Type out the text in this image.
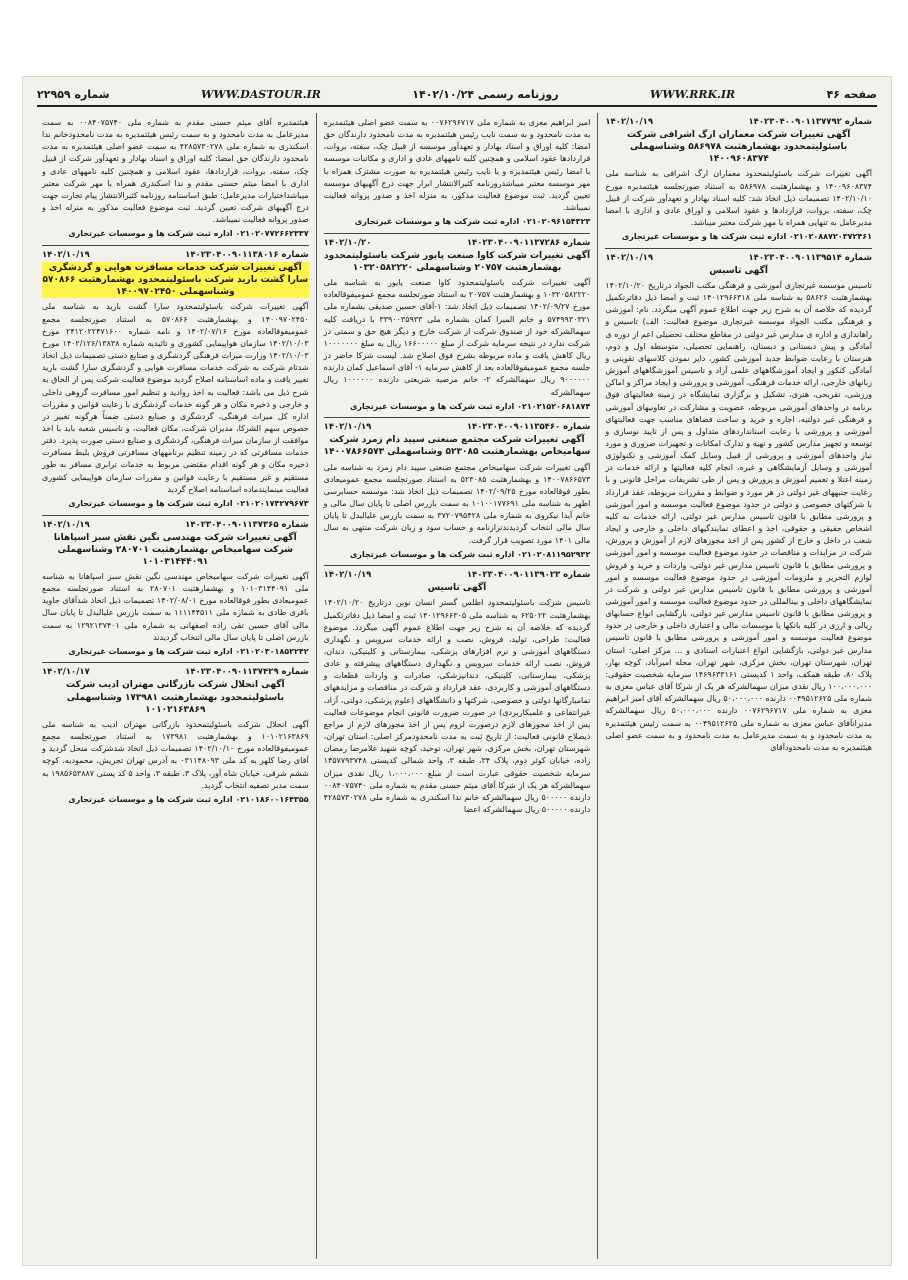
صفحه ۴۶
WWW.RRK.IR
روزنامه رسمی ۱۴۰۲/۱۰/۲۴
WWW.DASTOUR.IR
شماره ۲۲۹۵۹
شماره ۱۴۰۲۳۰۴۰۰۹۰۱۱۳۷۷۹۲
۱۴۰۲/۱۰/۱۹
آگهی تغییرات شرکت معماران ارگ اشرافی شرکت باسئولیتمحدود بهشمارهثبت ۵۸۶۹۷۸ وشناسهملی ۱۴۰۰۹۶۰۸۳۷۴
آگهی تغییرات شرکت باسئولیتمحدود معماران ارگ اشرافی به شناسه ملی ۱۴۰۰۹۶۰۸۳۷۴ و بهشمارهثبت ۵۸۶۹۷۸ به استناد صورتجلسه هیئتمدیره مورخ ۱۴۰۲/۱۰/۱۰ تصمیمات ذیل اتخاذ شد: کلیه اسناد بهادار و تعهدآور شرکت از قبیل چک، سفته، بروات، قراردادها و عقود اسلامی و اوراق عادی و اداری با امضا مدیرعامل به تنهایی همراه با مهر شرکت معتبر میباشد.
۰۲۱۰۲۰۸۸۷۲۰۳۷۲۴۶۱ اداره ثبت شرکت ها و موسسات غیرتجاری
شماره ۱۴۰۲۳۰۴۰۰۹۰۱۱۳۹۵۱۴
۱۴۰۲/۱۰/۱۹
آگهی تاسیس
تاسیس موسسه غیرتجاری آموزشی و فرهنگی مکتب الجواد درتاریخ ۱۴۰۲/۱۰/۲۰ بهشمارهثبت ۵۸۶۲۶ به شناسه ملی ۱۴۰۱۲۹۶۶۳۱۸ ثبت و امضا ذیل دفاترتکمیل گردیده که خلاصه آن به شرح زیر جهت اطلاع عموم آگهی میگردد. نام: آموزشی و فرهنگی مکتب الجواد موسسه غیرتجاری موضوع فعالیت: الف) تاسیس و راهاندازی و اداره ی مدارس غیر دولتی در مقاطع مختلف تحصیلی اعم از دوره ی آمادگی و پیش دبستانی و دبستان، راهنمایی تحصیلی، متوسطه اول و دوم، هنرستان با رعایت ضوابط جدید آموزشی کشور، دایر نمودن کلاسهای تقویتی و آمادگی کنکور و ایجاد آموزشگاههای علمی آزاد و تاسیس آموزشگاههای آموزش زبانهای خارجی، ارائه خدمات فرهنگی، آموزشی و پرورشی و ایجاد مراکز و اماکن ورزشی، تفریحی، هنری، تشکیل و برگزاری نمایشگاه در زمینه فعالیتهای فوق برنامه در واحدهای آموزشی مربوطه، عضویت و مشارکت در تعاونیهای آموزشی و فرهنگی غیر دولتیه، اجاره و خرید و ساخت فضاهای مناسب جهت فعالیتهای آموزشی و پرورشی با رعایت استانداردهای متداول و پس از تایید نوسازی و توسعه و تجهیز مدارس کشور و تهیه و تدارک امکانات و تجهیزات ضروری و مورد نیاز واحدهای آموزشی و پرورشی از قبیل وسایل کمک آموزشی و تکنولوژی آموزشی و وسایل آزمایشگاهی و غیره، انجام کلیه فعالیتها و ارائه خدمات در زمینه اعتلا و تعمیم آموزش و پرورش و پس از طی تشریفات مراحل قانونی و با رعایت جنبههای غیر دولتی در هر مورد و ضوابط و مقررات مربوطه، عقد قرارداد با شرکتهای خصوصی و دولتی در حدود موضوع فعالیت موسسه و امور آموزشی و پرورشی مطابق با قانون تاسیس مدارس غیر دولتی، ارائه خدمات به کلیه اشخاص حقیقی و حقوقی، اخذ و اعطای نمایندگیهای داخلی و خارجی و ایجاد شعب در داخل و خارج از کشور پس از اخذ مجوزهای لازم از آموزش و پرورش، شرکت در مزایدات و مناقصات در حدود موضوع فعالیت موسسه و امور آموزشی و پرورشی مطابق با قانون تاسیس مدارس غیر دولتی، واردات و خرید و فروش لوازم التحریر و ملزومات آموزشی در حدود موضوع فعالیت موسسه و امور آموزشی و پرورشی مطابق با قانون تاسیس مدارس غیر دولتی و شرکت در نمایشگاههای داخلی و بینالمللی در حدود موضوع فعالیت موسسه و امور آموزشی و پرورشی مطابق با قانون تاسیس مدارس غیر دولتی، بازگشایی انواع حسابهای ریالی و ارزی در کلیه بانکها یا موسسات مالی و اعتباری داخلی و خارجی در حدود موضوع فعالیت موسسه و امور آموزشی و پرورشی مطابق با قانون تاسیس مدارس غیر دولتی، بازگشایی انواع اعتبارات اسنادی و ... مرکز اصلی: استان تهران، شهرستان تهران، بخش مرکزی، شهر تهران، محله امیرآباد، کوچه بهار، پلاک ۸۰، طبقه همکف، واحد ۱ کدپستی ۱۴۶۹۶۳۳۱۶۱ سرمایه شخصیت حقوقی: ۱۰۰،۰۰۰،۰۰۰ ریال نقدی میزان سهمالشرکه هر یک از شرکا آقای عباس معزی به شماره ملی ۰۰۴۹۵۱۲۶۲۵ دارنده ۵۰،۰۰۰،۰۰۰ ریال سهمالشرکه آقای امیر ابراهیم معزی به شماره ملی ۰۰۷۶۲۹۶۷۱۷ دارنده ۵۰،۰۰۰،۰۰۰ ریال سهمالشرکه مدیرانآقای عباس معزی به شماره ملی ۰۰۴۹۵۱۲۶۲۵ به سمت رئیس هیئتمدیره به مدت نامحدود و به سمت مدیرعامل به مدت نامحدود و به سمت عضو اصلی هیئتمدیره به مدت نامحدودآقای
امیر ابراهیم معزی به شماره ملی ۰۰۷۶۲۹۶۷۱۷ به سمت عضو اصلی هیئتمدیره به مدت نامحدود و به سمت نایب رئیس هیئتمدیره به مدت نامحدود دارندگان حق امضا: کلیه اوراق و اسناد بهادار و تعهدآور موسسه از قبیل چک، سفته، بروات، قراردادها عقود اسلامی و همچنین کلیه نامههای عادی و اداری و مکاتبات موسسه با امضا رئیس هیئتمدیره و یا نایب رئیس هیئتمدیره به صورت مشترک همراه با مهر موسسه معتبر میباشدروزنامه کثیرالانتشار ابرار جهت درج آگهیهای موسسه تعیین گردید. ثبت موضوع فعالیت مذکور، به منزله اخذ و صدور پروانه فعالیت نمیباشد.
۰۲۱۰۲۰۹۶۱۵۴۳۲۳ اداره ثبت شرکت ها و موسسات غیرتجاری
شماره ۱۴۰۲۳۰۴۰۰۹۰۱۱۳۷۲۸۶
۱۴۰۲/۱۰/۲۰
آگهی تغییرات شرکت کاوا صنعت پایور شرکت باسئولیتمحدود بهشمارهثبت ۲۰۷۵۷ وشناسهملی ۱۰۳۲۰۵۸۲۲۲۰
آگهی تغییرات شرکت باسئولیتمحدود کاوا صنعت پایور به شناسه ملی ۱۰۳۲۰۵۸۲۲۲۰ و بهشمارهثبت ۲۰۷۵۷ به استناد صورتجلسه مجمع عمومیفوقالعاده مورخ ۱۴۰۲/۰۹/۲۷ تصمیمات ذیل اتخاذ شد: ۱-آقای حسین صدیقی بشماره ملی ۵۷۴۹۹۳۰۳۲۱ و خانم المیرا کمان بشماره ملی ۳۳۹۰۰۳۵۹۳۳ با دریافت کلیه سهمالشرکه خود از صندوق شرکت از شرکت خارج و دیگر هیچ حق و سمتی در شرکت ندارد در نتیجه سرمایه شرکت از مبلغ ۱۶۶۰۰۰۰۰ ریال به مبلغ ۱۰۰۰۰۰۰۰ ریال کاهش یافت و ماده مربوطه بشرح فوق اصلاح شد. لیست شرکا حاضر در جلسه مجمع عمومیفوقالعاده بعد از کاهش سرمایه ۱- آقای اسماعیل کمان دارنده ۹۰۰۰۰۰۰ ریال سهمالشرکه ۲- خانم مرضیه شریعتی دارنده ۱۰۰۰۰۰۰ ریال سهمالشرکه
۰۲۱۰۲۱۵۲۰۶۸۱۸۷۴ اداره ثبت شرکت ها و موسسات غیرتجاری
شماره ۱۴۰۲۳۰۴۰۰۹۰۱۱۳۵۴۶۰
۱۴۰۲/۱۰/۱۹
آگهی تغییرات شرکت مجتمع صنعتی سپید دام زمرد شرکت سهامیخاص بهشمارهثبت ۵۲۳۰۸۵ وشناسهملی ۱۴۰۰۷۸۶۶۵۷۳
آگهی تغییرات شرکت سهامیخاص مجتمع صنعتی سپید دام زمرد به شناسه ملی ۱۴۰۰۷۸۶۶۵۷۳ و بهشمارهثبت ۵۲۳۰۸۵ به استناد صورتجلسه مجمع عمومیعادی بطور فوقالعاده مورخ ۱۴۰۲/۰۹/۲۵ تصمیمات ذیل اتخاذ شد: موسسه حسابرسی اطهر به شناسه ملی ۱۰۱۰۰۱۷۷۶۹۱ به سمت بازرس اصلی تا پایان سال مالی و خانم آیدا نیکروی به شماره ملی ۳۷۲۰۷۹۵۴۲۸ به سمت بازرس علیالبدل تا پایان سال مالی انتخاب گردیدندترازنامه و حساب سود و زیان شرکت منتهی به سال مالی ۱۴۰۱ مورد تصویب قرار گرفت.
۰۲۱۰۲۰۸۱۱۹۵۲۹۳۲ اداره ثبت شرکت ها و موسسات غیرتجاری
شماره ۱۴۰۲۳۰۴۰۰۹۰۱۱۳۹۰۲۳
۱۴۰۲/۱۰/۱۹
آگهی تاسیس
تاسیس شرکت باسئولیتمحدود اطلس گستر انسان نوین درتاریخ ۱۴۰۲/۱۰/۲۰ بهشمارهثبت ۶۲۵۰۲۲ به شناسه ملی ۱۴۰۱۲۹۶۶۳۰۵ ثبت و امضا ذیل دفاترتکمیل گردیده که خلاصه آن به شرح زیر جهت اطلاع عموم آگهی میگردد. موضوع فعالیت: طراحی، تولید، فروش، نصب و ارائه خدمات سرویس و نگهداری دستگاههای آموزشی و نرم افزارهای پزشکی، بیمارستانی و کلینیکی، دندان، فروش، نصب ارائه خدمات سرویس و نگهداری دستگاههای پیشرفته و عادی پزشکی، بیمارستانی، کلینیکی، دندانپزشکی، صادرات و واردات قطعات و دستگاههای آموزشی و کاربردی، عقد قرارداد و شرکت در مناقصات و مزایدههای تمامیارگانها دولتی و خصوصی، شرکتها و دانشگاههای (علوم پزشکی، دولتی، آزاد، غیرانتفاعی و علمیکاربردی) در صورت ضرورت قانونی انجام موضوعات فعالیت پس از اخذ مجوزهای لازم درصورت لزوم پس از اخذ مجوزهای لازم از مراجع ذیصلاح قانونی فعالیت: از تاریخ ثبت به مدت نامحدودمرکز اصلی: استان تهران، شهرستان تهران، بخش مرکزی، شهر تهران، توحید، کوچه شهید غلامرضا رمضان زاده، خیابان کوثر دوم، پلاک ۳۴، طبقه ۳، واحد شمالی کدپستی ۱۴۵۷۷۹۳۷۴۸ سرمایه شخصیت حقوقی عبارت است از مبلغ ۱،۰۰۰،۰۰۰ ریال نقدی میزان سهمالشرکه هر یک از شرکا آقای میثم حسنی مقدم به شماره ملی ۰۰۸۴۰۷۵۷۴۰ دارنده ۵۰۰۰۰۰ ریال سهمالشرکه خانم ندا اسکندری به شماره ملی ۴۲۸۵۷۳۰۲۷۸ دارنده ۵۰۰۰۰۰ ریال سهمالشرکه اعضا
هیئتمدیره آقای میثم حسنی مقدم به شماره ملی ۰۰۸۴۰۷۵۷۴۰ به سمت مدیرعامل به مدت نامحدود و به سمت رئیس هیئتمدیره به مدت نامحدودخانم ندا اسکندری به شماره ملی ۴۲۸۵۷۳۰۲۷۸ به سمت عضو اصلی هیئتمدیره به مدت نامحدود دارندگان حق امضا: کلیه اوراق و اسناد بهادار و تعهدآور شرکت از قبیل چک، سفته، بروات، قراردادها، عقود اسلامی و همچنین کلیه نامههای عادی و اداری با امضا میثم حسنی مقدم و ندا اسکندری همراه با مهر شرکت معتبر میباشداختیارات مدیرعامل: طبق اساسنامه روزنامه کثیرالانتشار پیام تجارت جهت درج آگهیهای شرکت تعیین گردید. ثبت موضوع فعالیت مذکور به منزله اخذ و صدور پروانه فعالیت نمیباشد.
۰۲۱۰۲۰۷۷۲۶۶۲۳۳۷ اداره ثبت شرکت ها و موسسات غیرتجاری
شماره ۱۴۰۲۳۰۴۰۰۹۰۱۱۳۸۰۱۶
۱۴۰۲/۱۰/۱۹
آگهی تغییرات شرکت خدمات مسافرت هوایی و گردشگری سارا گشت بارید شرکت باسئولیتمحدود بهشمارهثبت ۵۷۰۸۶۶ وشناسهملی ۱۴۰۰۹۷۰۲۴۵۰
آگهی تغییرات شرکت باسئولیتمحدود سارا گشت بارید به شناسه ملی ۱۴۰۰۹۷۰۲۴۵۰ و بهشمارهثبت ۵۷۰۸۶۶ به استناد صورتجلسه مجمع عمومیفوقالعاده مورخ ۱۴۰۲/۰۷/۱۶ و نامه شماره ۲۴۱۲۰۲۲۴۷۱۶۰۰ مورخ ۱۴۰۲/۱۰/۰۳ سازمان هواپیمایی کشوری و تائیدیه شماره ۱۴۰۲/۱۲۶/۱۳۸۳۸ مورخ ۱۴۰۲/۱۰/۰۳ وزارت میراث فرهنگی گردشگری و صنایع دستی تصمیمات ذیل اتخاذ شدتام شرکت به شرکت خدمات مسافرت هوایی و گردشگری سارا گشت بارید تغییر یافت و ماده اساسنامه اصلاح گردید موضوع فعالیت شرکت پس از الحاق به شرح ذیل می باشد: فعالیت به اخذ روادید و تنظیم امور مسافرت گروهی داخلی و خارجی و ذخیره مکان و هر گونه خدمات گردشگری با رعایت قوانین و مقررات اداره کل میراث فرهنگی، گردشگری و صنایع دستی ضمناً هرگونه تغییر در خصوص سهم الشرکا، مدیران شرکت، مکان فعالیت، و تاسیس شعبه باید با اخذ موافقت از سازمان میراث فرهنگی، گردشگری و صنایع دستی صورت پذیرد. دفتر خدمات مسافرتی که در زمینه تنظیم برنامههای مسافرتی فروش بلیط مسافرت ذخیره مکان و هر گونه اقدام مقتضی مربوط به خدمات ترابری مسافر به طور مستقیم و غیر مستقیم با رعایت قوانین و مقررات سازمان هواپیمایی کشوری فعالیت مینمایندماده اساسنامه اصلاح گردید
۰۲۱۰۲۰۱۷۴۲۷۹۶۷۳ اداره ثبت شرکت ها و موسسات غیرتجاری
شماره ۱۴۰۲۳۰۴۰۰۹۰۱۱۳۷۳۶۵
۱۴۰۲/۱۰/۱۹
آگهی تغییرات شرکت مهندسی نگین نقش سبز اسپاهانا شرکت سهامیخاص بهشمارهثبت ۲۸۰۷۰۱ وشناسهملی ۱۰۱۰۳۱۴۴۴۰۹۱
آگهی تغییرات شرکت سهامیخاص مهندسی نگین نقش سبز اسپاهانا به شناسه ملی ۱۰۱۰۳۱۴۴۰۹۱ و بهشمارهثبت ۲۸۰۷۰۱ به استناد صورتجلسه مجمع عمومیعادی بطور فوقالعاده مورخ ۱۴۰۲/۰۸/۰۱ تصمیمات ذیل اتخاذ شدآقای جاوید باقری طادی به شماره ملی ۱۱۱۱۴۴۵۱۱ به سمت بازرس علیالبدل تا پایان سال مالی آقای حسین تقی زاده اصفهانی به شماره ملی ۱۲۹۲۱۳۷۴۰۱ به سمت بازرس اصلی تا پایان سال مالی انتخاب گردیدند
۰۲۱۰۲۰۳۰۱۸۵۲۲۴۲ اداره ثبت شرکت ها و موسسات غیرتجاری
شماره ۱۴۰۲۳۰۴۰۰۹۰۱۱۳۷۴۲۹
۱۴۰۲/۱۰/۱۷
آگهی انحلال شرکت بازرگانی مهتران ادیب شرکت باسئولیتمحدود بهشمارهثبت ۱۷۳۹۸۱ وشناسهملی ۱۰۱۰۲۱۶۳۸۶۹
آگهی انحلال شرکت باسئولیتمحدود بازرگانی مهتران ادیب به شناسه ملی ۱۰۱۰۲۱۶۳۸۶۹ و بهشمارهثبت ۱۷۳۹۸۱ به استناد صورتجلسه مجمع عمومیفوقالعاده مورخ ۱۴۰۲/۱۰/۱۰ تصمیمات ذیل اتخاذ شدشرکت منحل گردید و آقای رضا کلهر به کد ملی ۰۳۱۱۴۸۰۹۳ به آدرس تهران تجریش، محمودیه، کوچه ششم شرقی، خیابان شاه آور، پلاک ۳، طبقه ۳، واحد ۵ کد پستی ۱۹۸۵۶۵۳۸۸۷ به سمت مدیر تصفیه انتخاب گردید.
۰۲۱۰۱۸۶۰۰۱۶۴۳۵۵ اداره ثبت شرکت ها و موسسات غیرتجاری
